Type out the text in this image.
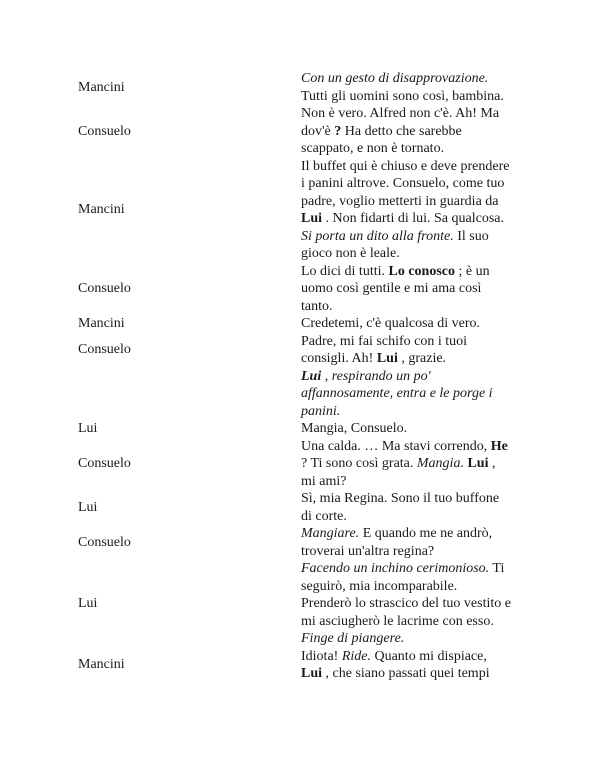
Mancini
Con un gesto di disapprovazione.
Tutti gli uomini sono così, bambina.
Consuelo
Non è vero. Alfred non c'è. Ah! Ma
dov'è ? Ha detto che sarebbe
scappato, e non è tornato.
Mancini
Il buffet qui è chiuso e deve prendere
i panini altrove. Consuelo, come tuo
padre, voglio metterti in guardia da
Lui . Non fidarti di lui. Sa qualcosa.
Si porta un dito alla fronte. Il suo
gioco non è leale.
Consuelo
Lo dici di tutti. Lo conosco ; è un
uomo così gentile e mi ama così
tanto.
Mancini	Credetemi, c'è qualcosa di vero.
Consuelo
Padre, mi fai schifo con i tuoi
consigli. Ah! Lui , grazie.
Lui , respirando un po'
affannosamente, entra e le porge i
panini.
Lui	Mangia, Consuelo.
Consuelo
Una calda. … Ma stavi correndo, He
? Ti sono così grata. Mangia. Lui ,
mi ami?
Lui
Sì, mia Regina. Sono il tuo buffone
di corte.
Consuelo
Mangiare. E quando me ne andrò,
troverai un'altra regina?
Lui
Facendo un inchino cerimonioso. Ti
seguirò, mia incomparabile.
Prenderò lo strascico del tuo vestito e
mi asciugherò le lacrime con esso.
Finge di piangere.
Mancini
Idiota! Ride. Quanto mi dispiace,
Lui , che siano passati quei tempi
